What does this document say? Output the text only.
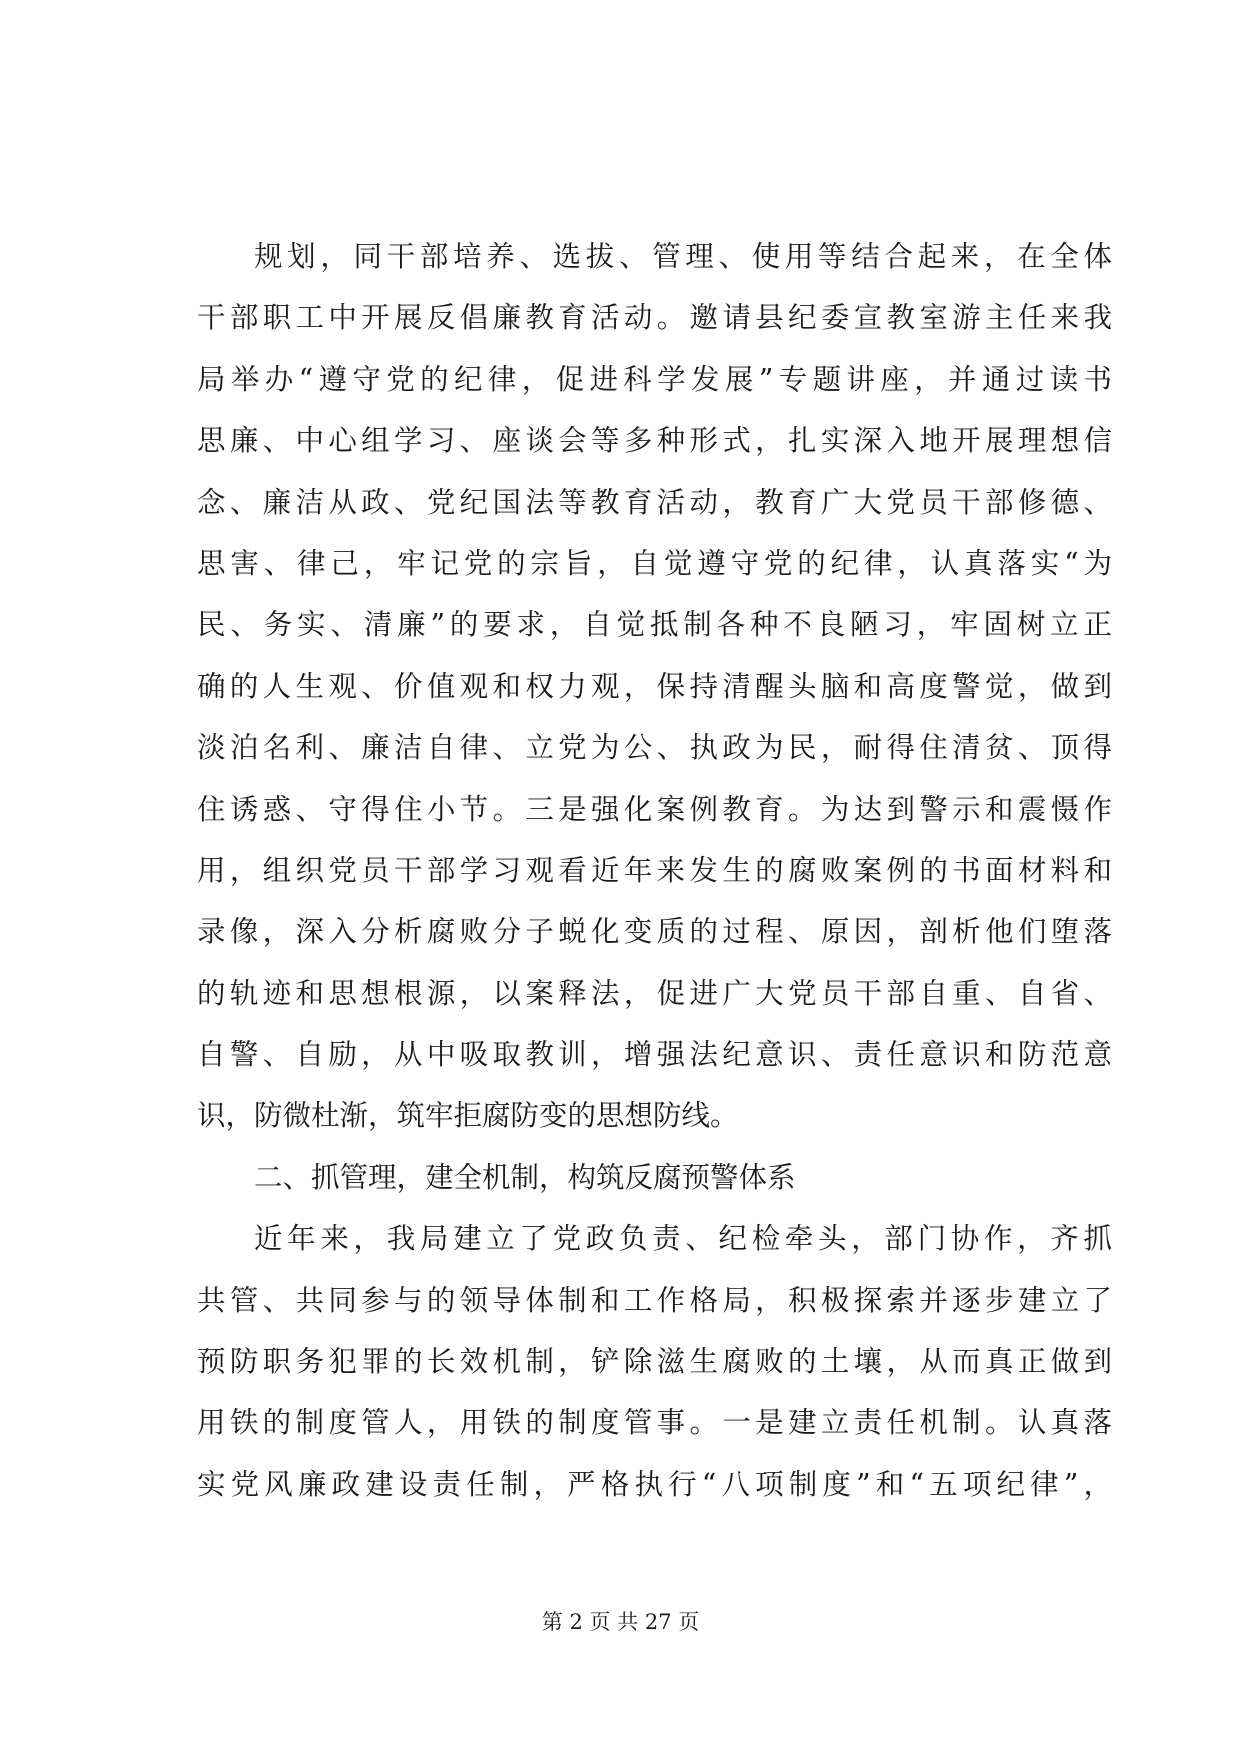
规划，同干部培养、选拔、管理、使用等结合起来，在全体
干部职工中开展反倡廉教育活动。邀请县纪委宣教室游主任来我
局举办“遵守党的纪律，促进科学发展”专题讲座，并通过读书
思廉、中心组学习、座谈会等多种形式，扎实深入地开展理想信
念、廉洁从政、党纪国法等教育活动，教育广大党员干部修德、
思害、律己，牢记党的宗旨，自觉遵守党的纪律，认真落实“为
民、务实、清廉”的要求，自觉抵制各种不良陋习，牢固树立正
确的人生观、价值观和权力观，保持清醒头脑和高度警觉，做到
淡泊名利、廉洁自律、立党为公、执政为民，耐得住清贫、顶得
住诱惑、守得住小节。三是强化案例教育。为达到警示和震慑作
用，组织党员干部学习观看近年来发生的腐败案例的书面材料和
录像，深入分析腐败分子蜕化变质的过程、原因，剖析他们堕落
的轨迹和思想根源，以案释法，促进广大党员干部自重、自省、
自警、自励，从中吸取教训，增强法纪意识、责任意识和防范意
识，防微杜渐，筑牢拒腐防变的思想防线。
二、抓管理，建全机制，构筑反腐预警体系
近年来，我局建立了党政负责、纪检牵头，部门协作，齐抓
共管、共同参与的领导体制和工作格局，积极探索并逐步建立了
预防职务犯罪的长效机制，铲除滋生腐败的土壤，从而真正做到
用铁的制度管人，用铁的制度管事。一是建立责任机制。认真落
实党风廉政建设责任制，严格执行“八项制度”和“五项纪律”，
第 2 页 共 27 页
